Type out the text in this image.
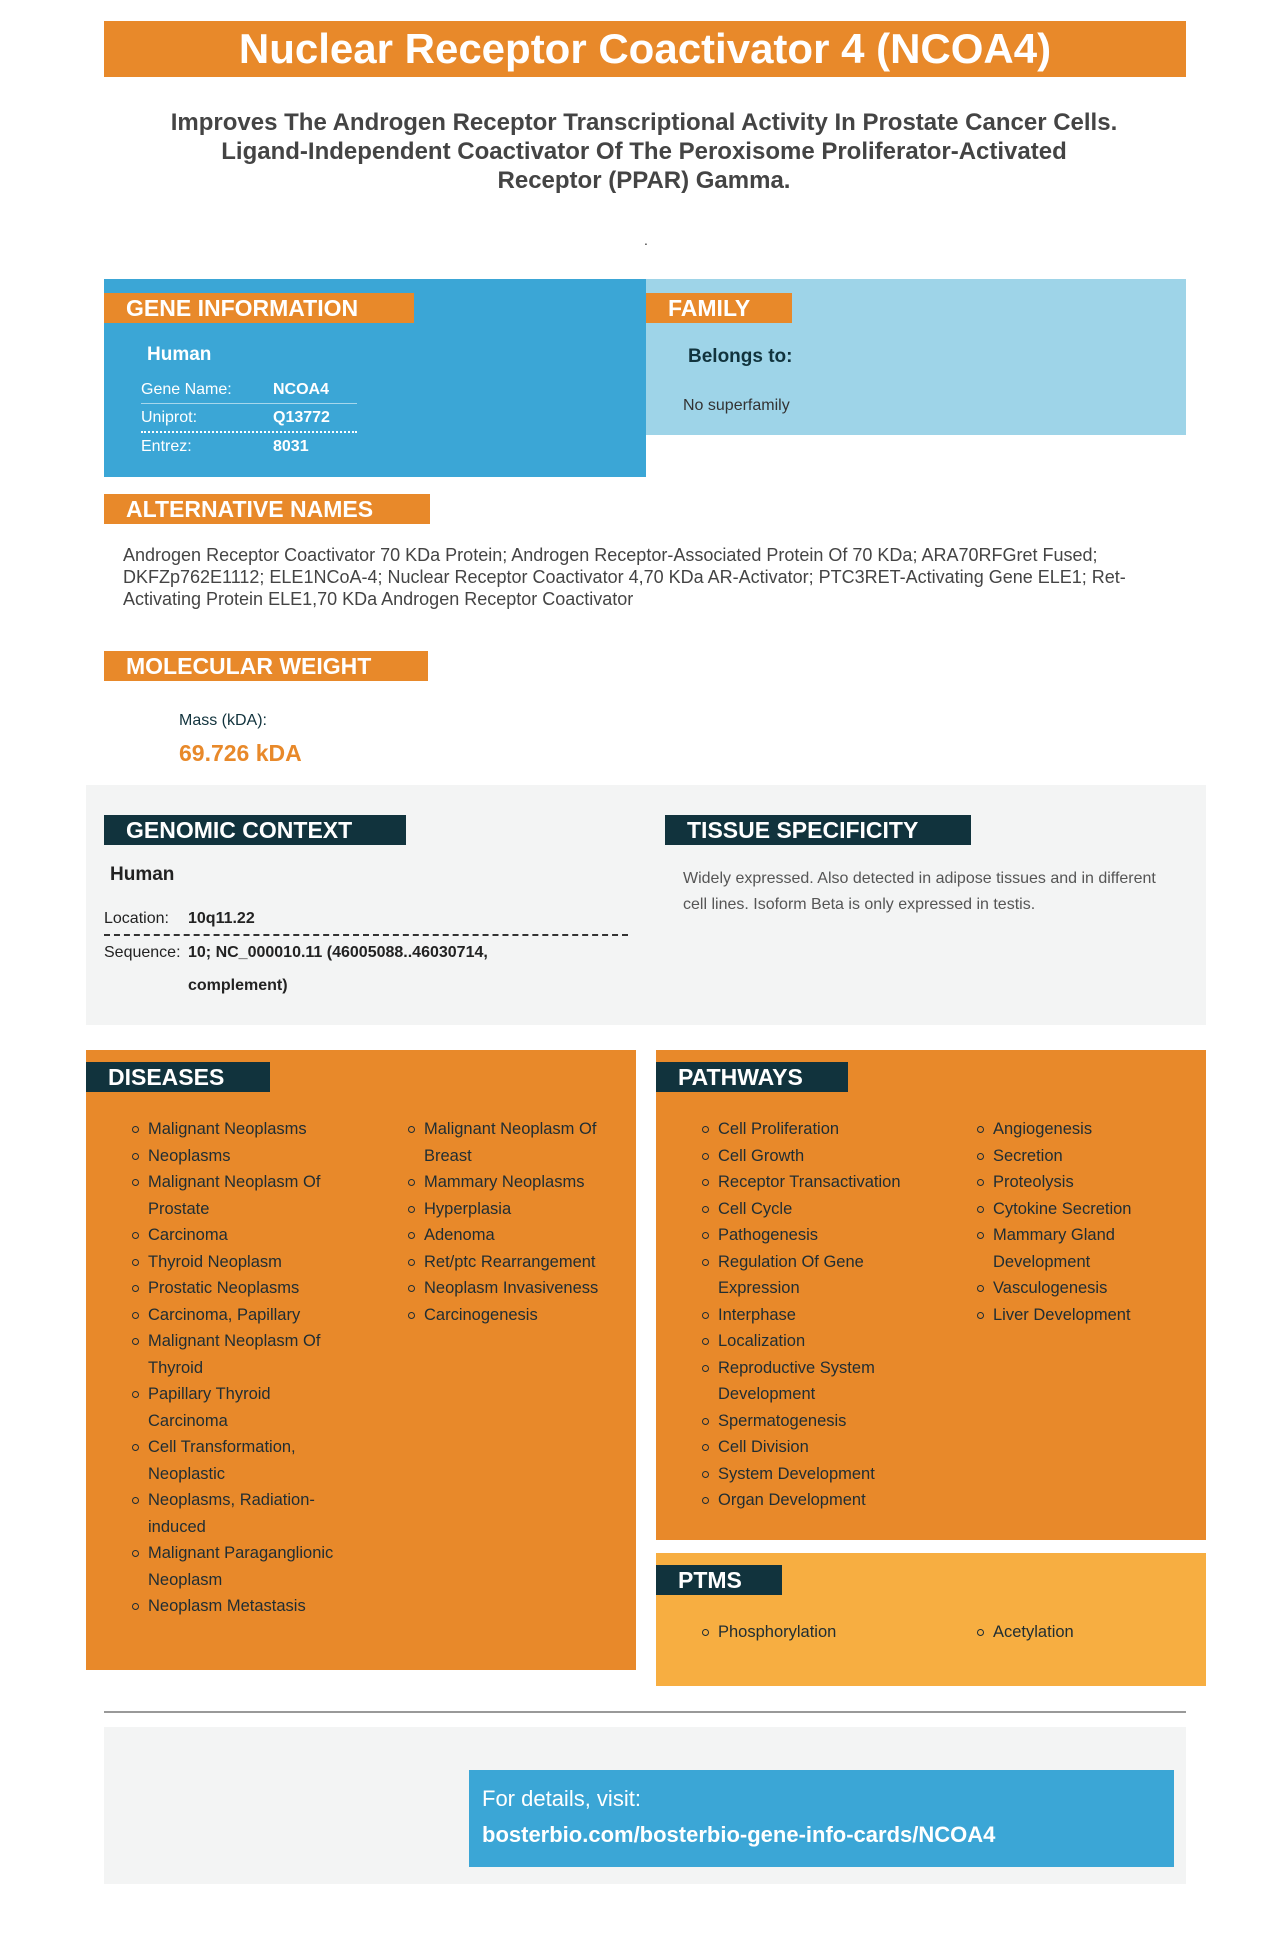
Nuclear Receptor Coactivator 4 (NCOA4)
Improves The Androgen Receptor Transcriptional Activity In Prostate Cancer Cells.
Ligand-Independent Coactivator Of The Peroxisome Proliferator-Activated
Receptor (PPAR) Gamma.
.
GENE INFORMATION
Human
Gene Name:	NCOA4
Uniprot:	Q13772
Entrez:	8031
FAMILY
Belongs to:
No superfamily
ALTERNATIVE NAMES
Androgen Receptor Coactivator 70 KDa Protein; Androgen Receptor-Associated Protein Of 70 KDa; ARA70RFGret Fused; DKFZp762E1112; ELE1NCoA-4; Nuclear Receptor Coactivator 4,70 KDa AR-Activator; PTC3RET-Activating Gene ELE1; Ret-Activating Protein ELE1,70 KDa Androgen Receptor Coactivator
MOLECULAR WEIGHT
Mass (kDA):
69.726 kDA
GENOMIC CONTEXT
Human
Location:	10q11.22
Sequence: 10; NC_000010.11 (46005088..46030714, complement)
TISSUE SPECIFICITY
Widely expressed. Also detected in adipose tissues and in different cell lines. Isoform Beta is only expressed in testis.
DISEASES
Malignant Neoplasms
Neoplasms
Malignant Neoplasm Of Prostate
Carcinoma
Thyroid Neoplasm
Prostatic Neoplasms
Carcinoma, Papillary
Malignant Neoplasm Of Thyroid
Papillary Thyroid Carcinoma
Cell Transformation, Neoplastic
Neoplasms, Radiation-induced
Malignant Paraganglionic Neoplasm
Neoplasm Metastasis
Malignant Neoplasm Of Breast
Mammary Neoplasms
Hyperplasia
Adenoma
Ret/ptc Rearrangement
Neoplasm Invasiveness
Carcinogenesis
PATHWAYS
Cell Proliferation
Cell Growth
Receptor Transactivation
Cell Cycle
Pathogenesis
Regulation Of Gene Expression
Interphase
Localization
Reproductive System Development
Spermatogenesis
Cell Division
System Development
Organ Development
Angiogenesis
Secretion
Proteolysis
Cytokine Secretion
Mammary Gland Development
Vasculogenesis
Liver Development
PTMS
Phosphorylation	Acetylation
For details, visit:
bosterbio.com/bosterbio-gene-info-cards/NCOA4
